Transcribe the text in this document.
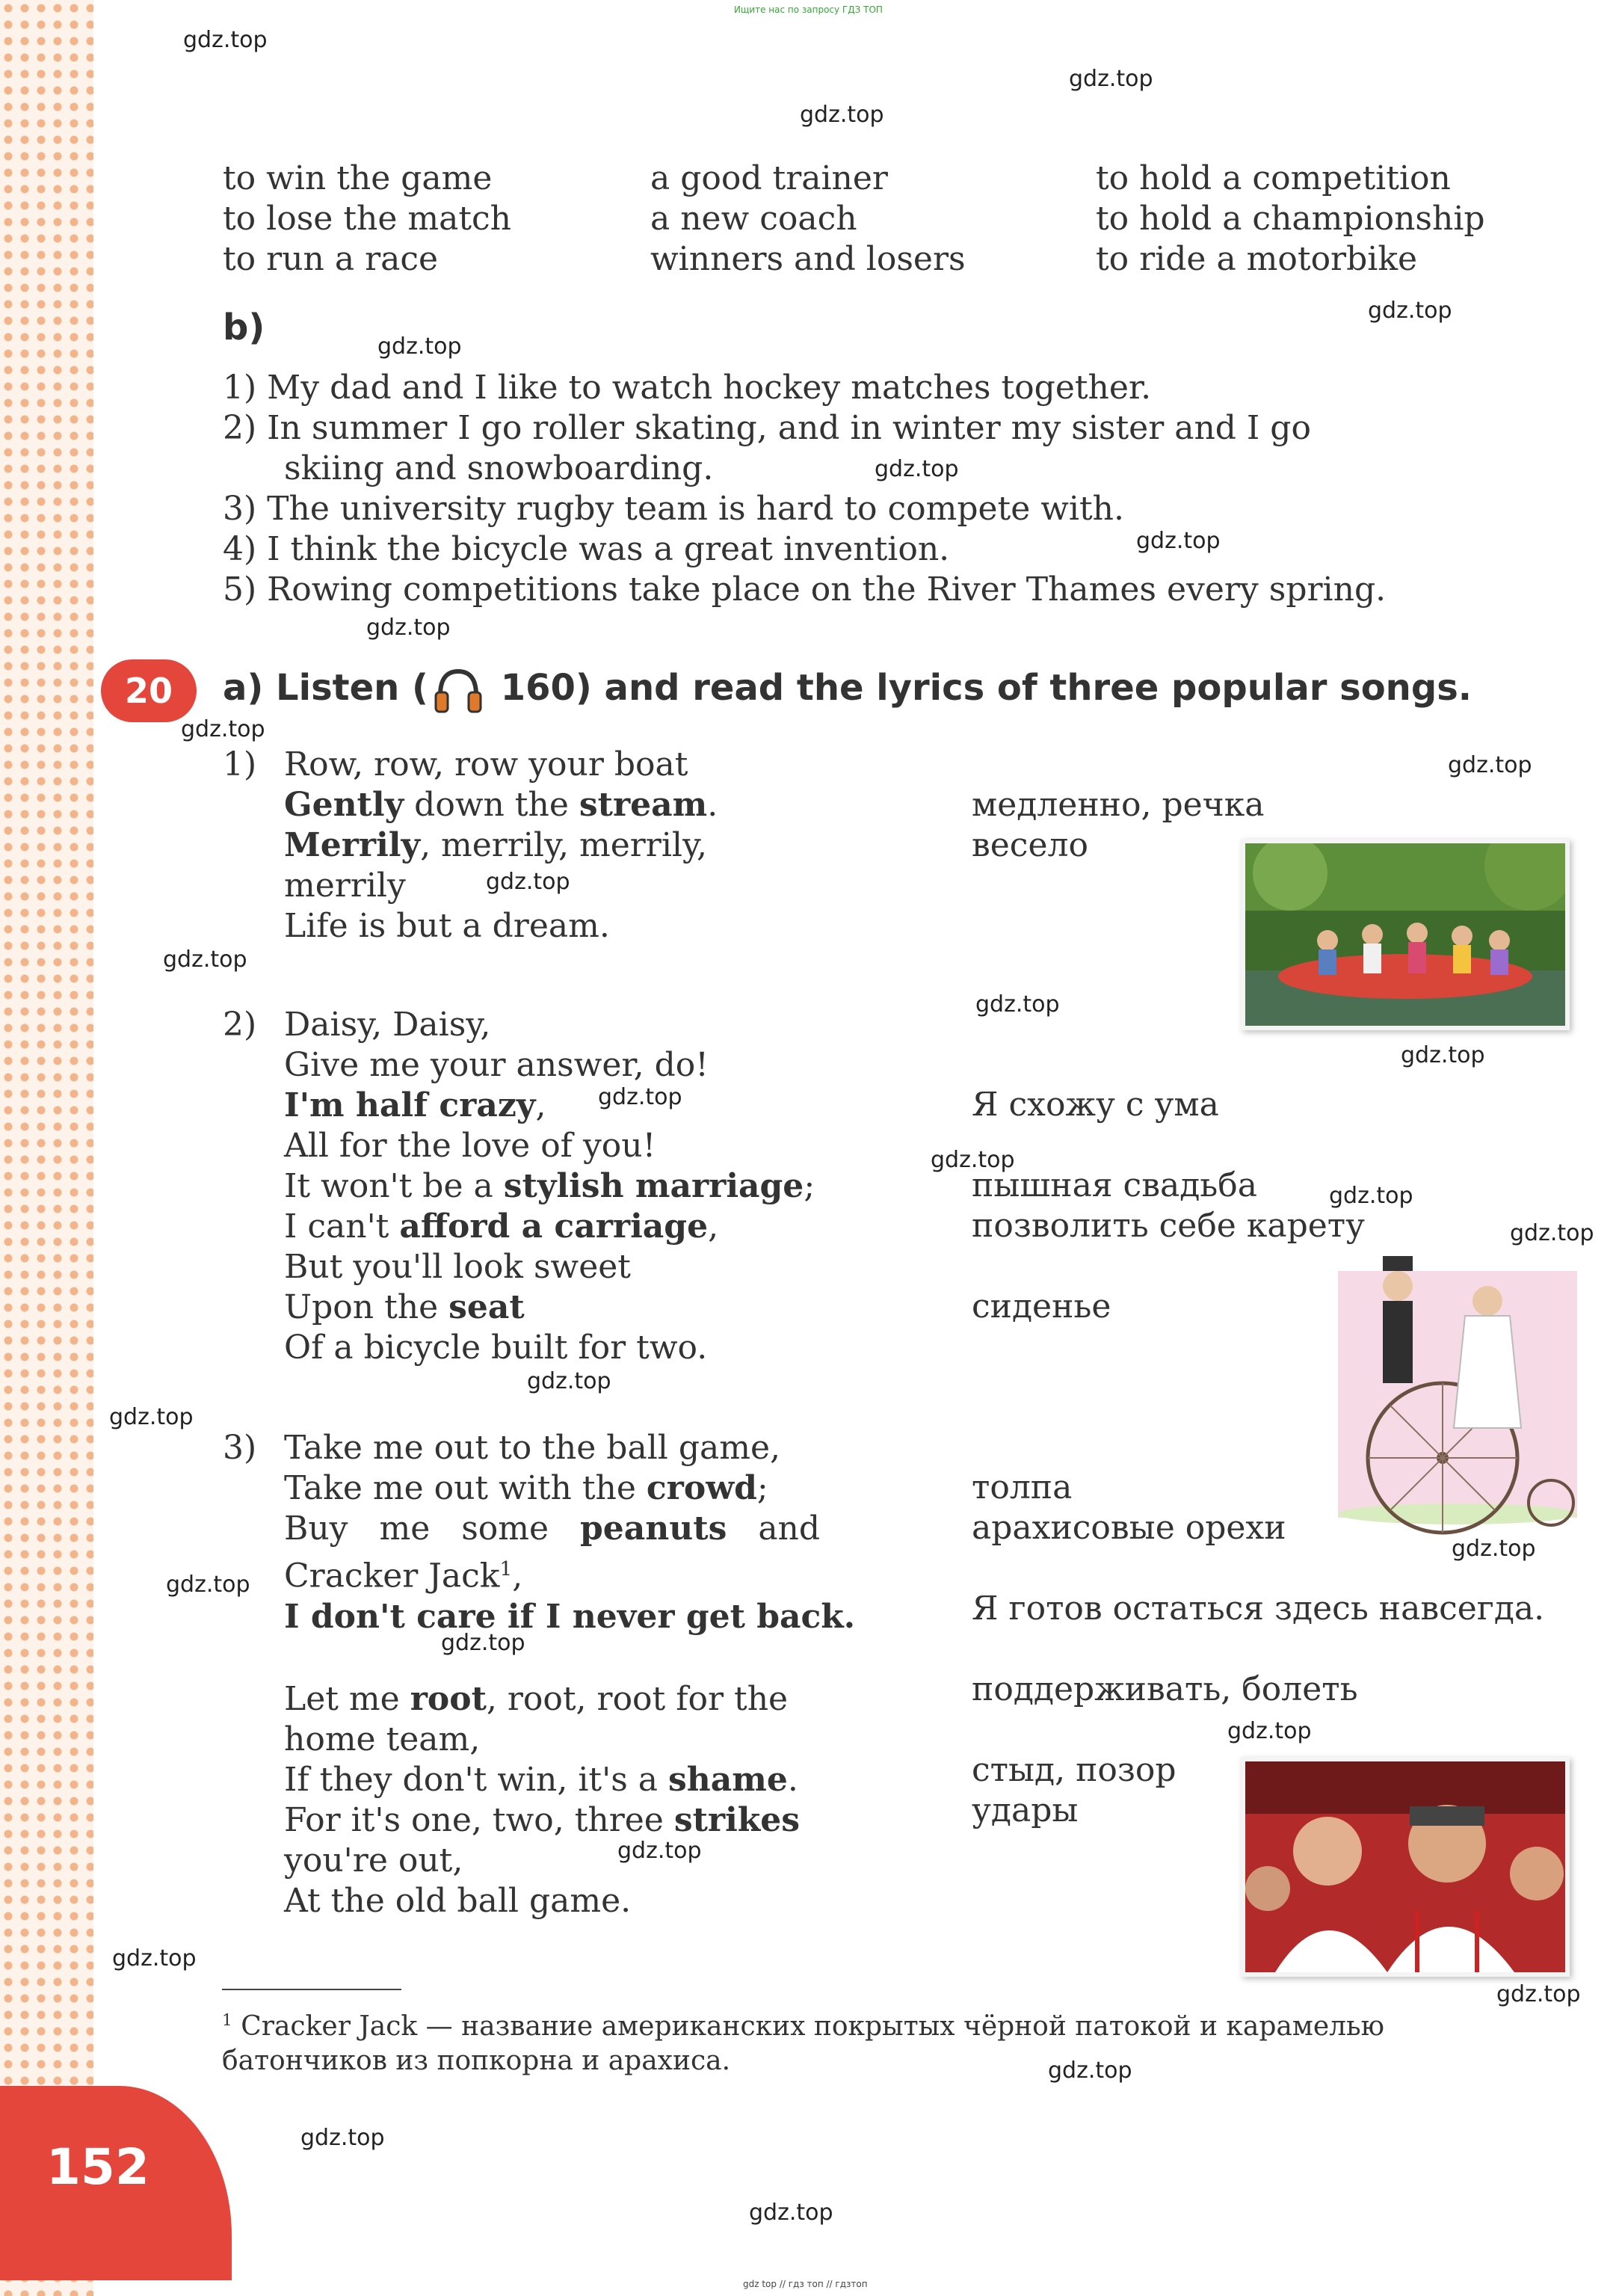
Ищите нас по запросу ГДЗ ТОП
gdz.top
gdz.top
gdz.top
gdz.top
gdz.top
gdz.top
gdz.top
gdz.top
gdz.top
gdz.top
gdz.top
gdz.top
gdz.top
gdz.top
gdz.top
gdz.top
gdz.top
gdz.top
gdz.top
gdz.top
gdz.top
gdz.top
gdz.top
gdz.top
gdz.top
gdz.top
gdz.top
gdz.top
gdz.top
gdz.top
to win the game
to lose the match
to run a race
a good trainer
a new coach
winners and losers
to hold a competition
to hold a championship
to ride a motorbike
b)
1) My dad and I like to watch hockey matches together.
2) In summer I go roller skating, and in winter my sister and I go
skiing and snowboarding.
3) The university rugby team is hard to compete with.
4) I think the bicycle was a great invention.
5) Rowing competitions take place on the River Thames every spring.
20	a) Listen ( 160) and read the lyrics of three popular songs.
1) Row, row, row your boat
Gently down the stream.
Merrily, merrily, merrily,
merrily
Life is but a dream.
медленно, речка
весело
2) Daisy, Daisy,
Give me your answer, do!
I'm half crazy,
All for the love of you!
It won't be a stylish marriage;
I can't afford a carriage,
But you'll look sweet
Upon the seat
Of a bicycle built for two.
Я схожу с ума
пышная свадьба
позволить себе карету
сиденье
3) Take me out to the ball game,
Take me out with the crowd;
Buy   me   some   peanuts   and
Cracker Jack$^1$,
I don't care if I never get back.
Let me root, root, root for the
home team,
If they don't win, it's a shame.
For it's one, two, three strikes
you're out,
At the old ball game.
толпа
арахисовые орехи
Я готов остаться здесь навсегда.
поддерживать, болеть
стыд, позор
удары
$^1$ Cracker Jack — название американских покрытых чёрной патокой и карамелью
батончиков из попкорна и арахиса.
152
gdz top // гдз топ // гдзтоп
